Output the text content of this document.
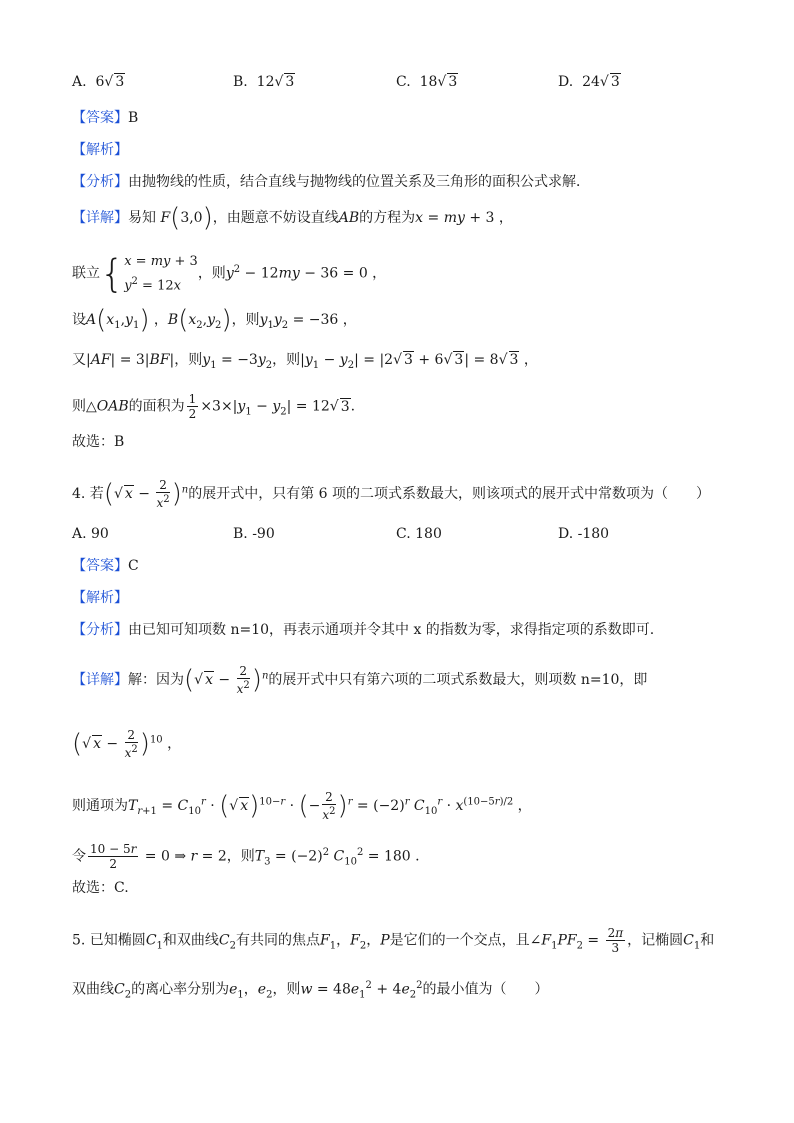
A. 6√ 3	B. 12√ 3	C. 18√ 3	D. 24√ 3
【答案】B
【解析】
【分析】由抛物线的性质，结合直线与抛物线的位置关系及三角形的面积公式求解．
【详解】易知 F(3,0)，由题意不妨设直线AB的方程为x = my + 3 ，
联立{ x = my + 3
$y^2 = 12x$
，则$y^2 - 12my - 36 = 0$ ，
设$A(x_1,y_1)$ ，$B(x_2,y_2)$，则$y_1y_2 = -36$ ，
又|AF| = 3|BF|，则$y_1 = -3y_2$，则$|y_1 - y_2| = |2√$ 3 + 6√ 3| = 8√ 3 ，
则△OAB的面积为 $\frac{1}{2} \times 3\times|y_1 - y_2| = 12√$ 3.
故选：B
4. 若(√ $x - \frac{2}{x^2} )^n$的展开式中，只有第 6 项的二项式系数最大，则该项式的展开式中常数项为（　　）
A. 90	B. -90	C. 180	D. -180
【答案】C
【解析】
【分析】由已知可知项数 n=10，再表示通项并令其中 x 的指数为零，求得指定项的系数即可.
【详解】解：因为(√ $x - \frac{2}{x^2} )^n$的展开式中只有第六项的二项式系数最大，则项数 n=10，即
(√ $x - \frac{2}{x^2} )^{10}$ ，
则通项为$T_{r+1} = C_{10}^r$ · (√ x)$^{10-r}$ · (− $\frac{2}{x^2} )^r = (-2)^r$ $C_{10}^r \cdot x^{(10-5r)/2}$ ，
令 $\frac{10 - 5r}{2} = 0$ ⇒ r = 2，则$T_3 = (-2)^2$ $C_{10}^2 = 180$ .
故选：C.
5. 已知椭圆$C_1$和双曲线$C_2$有共同的焦点$F_1$，$F_2$，P是它们的一个交点，且$\angle F_1PF_2 = \frac{2\pi}{3}$ ，记椭圆$C_1$和
双曲线$C_2$的离心率分别为$e_1$，$e_2$，则$w = 48e_1^2 + 4e_2^2$的最小值为（　　）
